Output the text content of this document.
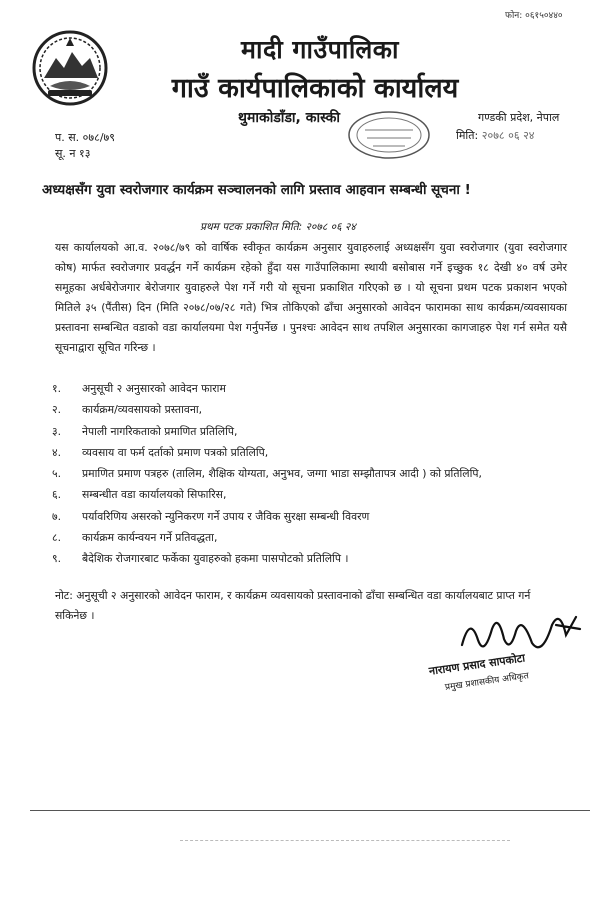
फोन: ०६१५०४४०
मादी गाउँपालिका
गाउँ कार्यपालिकाको कार्यालय
थुमाकोडाँडा, कास्की	गण्डकी प्रदेश, नेपाल
मिति: २०७८ ०६ २४
प. स. ०७८/७९
सू. न १३
अध्यक्षसँग युवा स्वरोजगार कार्यक्रम सञ्चालनको लागि प्रस्ताव आहवान सम्बन्धी सूचना !
प्रथम पटक प्रकाशित मिति: २०७८ ०६ २४
यस कार्यालयको आ.व. २०७८/७९ को वार्षिक स्वीकृत कार्यक्रम अनुसार युवाहरुलाई अध्यक्षसँग युवा स्वरोजगार (युवा स्वरोजगार कोष) मार्फत स्वरोजगार प्रवर्द्धन गर्ने कार्यक्रम रहेको हुँदा यस गाउँपालिकामा स्थायी बसोबास गर्ने इच्छुक १८ देखी ४० वर्ष उमेर समूहका अर्धबेरोजगार बेरोजगार युवाहरुले पेश गर्ने गरी यो सूचना प्रकाशित गरिएको छ । यो सूचना प्रथम पटक प्रकाशन भएको मितिले ३५ (पैंतीस) दिन (मिति २०७८/०७/२८ गते) भित्र तोकिएको ढाँचा अनुसारको आवेदन फारामका साथ कार्यक्रम/व्यवसायका प्रस्तावना सम्बन्धित वडाको वडा कार्यालयमा पेश गर्नुपर्नेछ । पुनश्चः आवेदन साथ तपशिल अनुसारका कागजाहरु पेश गर्न समेत यसै सूचनाद्वारा सूचित गरिन्छ ।
१. अनुसूची २ अनुसारको आवेदन फाराम
२. कार्यक्रम/व्यवसायको प्रस्तावना,
३. नेपाली नागरिकताको प्रमाणित प्रतिलिपि,
४. व्यवसाय वा फर्म दर्ताको प्रमाण पत्रको प्रतिलिपि,
५. प्रमाणित प्रमाण पत्रहरु (तालिम, शैक्षिक योग्यता, अनुभव, जग्गा भाडा सम्झौतापत्र आदी ) को प्रतिलिपि,
६. सम्बन्धीत वडा कार्यालयको सिफारिस,
७. पर्यावरिणिय असरको न्युनिकरण गर्ने उपाय र जैविक सुरक्षा सम्बन्धी विवरण
८. कार्यक्रम कार्यन्वयन गर्ने प्रतिवद्धता,
९. बैदेशिक रोजगारबाट फर्केका युवाहरुको हकमा पासपोटको प्रतिलिपि ।
नोट: अनुसूची २ अनुसारको आवेदन फाराम, र कार्यक्रम व्यवसायको प्रस्तावनाको ढाँचा सम्बन्धित वडा कार्यालयबाट प्राप्त गर्न सकिनेछ ।
नारायण प्रसाद सापकोटा
प्रमुख प्रशासकीय अधिकृत
